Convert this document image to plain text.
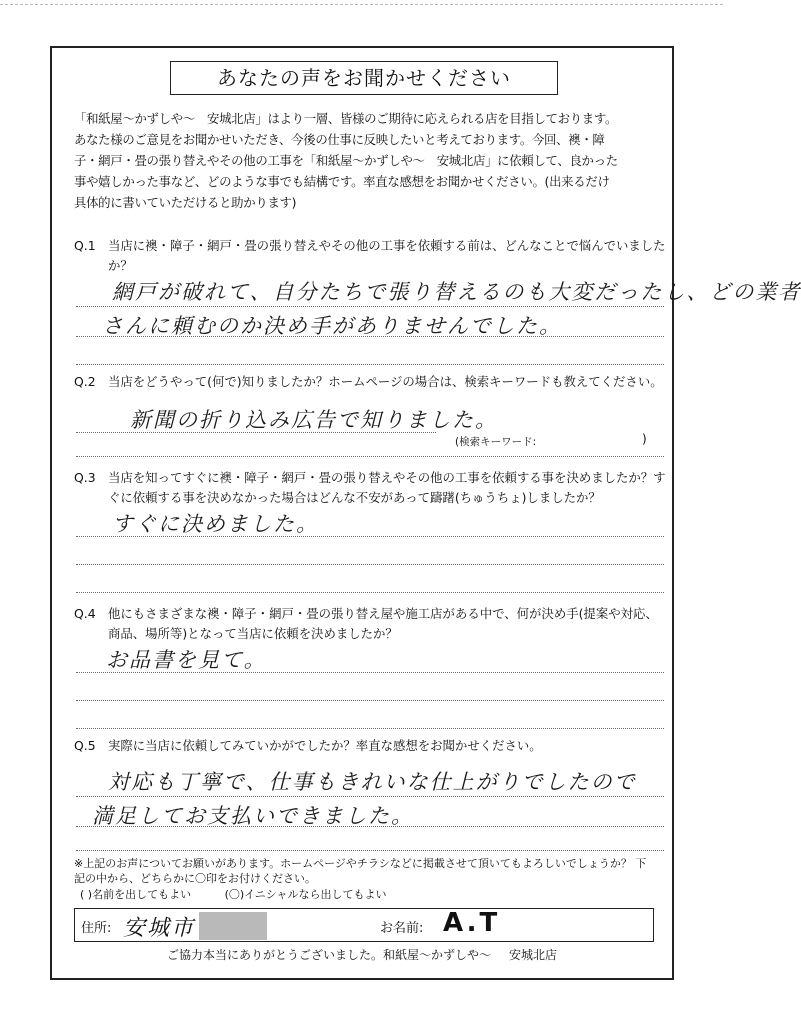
あなたの声をお聞かせください
「和紙屋〜かずしや〜　安城北店」はより一層、皆様のご期待に応えられる店を目指しております。
あなた様のご意見をお聞かせいただき、今後の仕事に反映したいと考えております。今回、襖・障
子・網戸・畳の張り替えやその他の工事を「和紙屋〜かずしや〜　安城北店」に依頼して、良かった
事や嬉しかった事など、どのような事でも結構です。率直な感想をお聞かせください。(出来るだけ
具体的に書いていただけると助かります)
Q.1 当店に襖・障子・網戸・畳の張り替えやその他の工事を依頼する前は、どんなことで悩んでいましたか？
網戸が破れて、自分たちで張り替えるのも大変だったし、どの業者
さんに頼むのか決め手がありませんでした。
Q.2 当店をどうやって(何で)知りましたか？ホームページの場合は、検索キーワードも教えてください。
新聞の折り込み広告で知りました。
(検索キーワード:	)
Q.3 当店を知ってすぐに襖・障子・網戸・畳の張り替えやその他の工事を依頼する事を決めましたか？すぐに依頼する事を決めなかった場合はどんな不安があって躊躇(ちゅうちょ)しましたか？
すぐに決めました。
Q.4 他にもさまざまな襖・障子・網戸・畳の張り替え屋や施工店がある中で、何が決め手(提案や対応、商品、場所等)となって当店に依頼を決めましたか？
お品書を見て。
Q.5 実際に当店に依頼してみていかがでしたか？率直な感想をお聞かせください。
対応も丁寧で、仕事もきれいな仕上がりでしたので
満足してお支払いできました。
※上記のお声についてお願いがあります。ホームページやチラシなどに掲載させて頂いてもよろしいでしょうか？ 下
記の中から、どちらかに〇印をお付けください。
( )名前を出してもよい	(〇)イニシャルなら出してもよい
住所: 安城市	お名前: A.T
ご協力本当にありがとうございました。和紙屋〜かずしや〜 安城北店
